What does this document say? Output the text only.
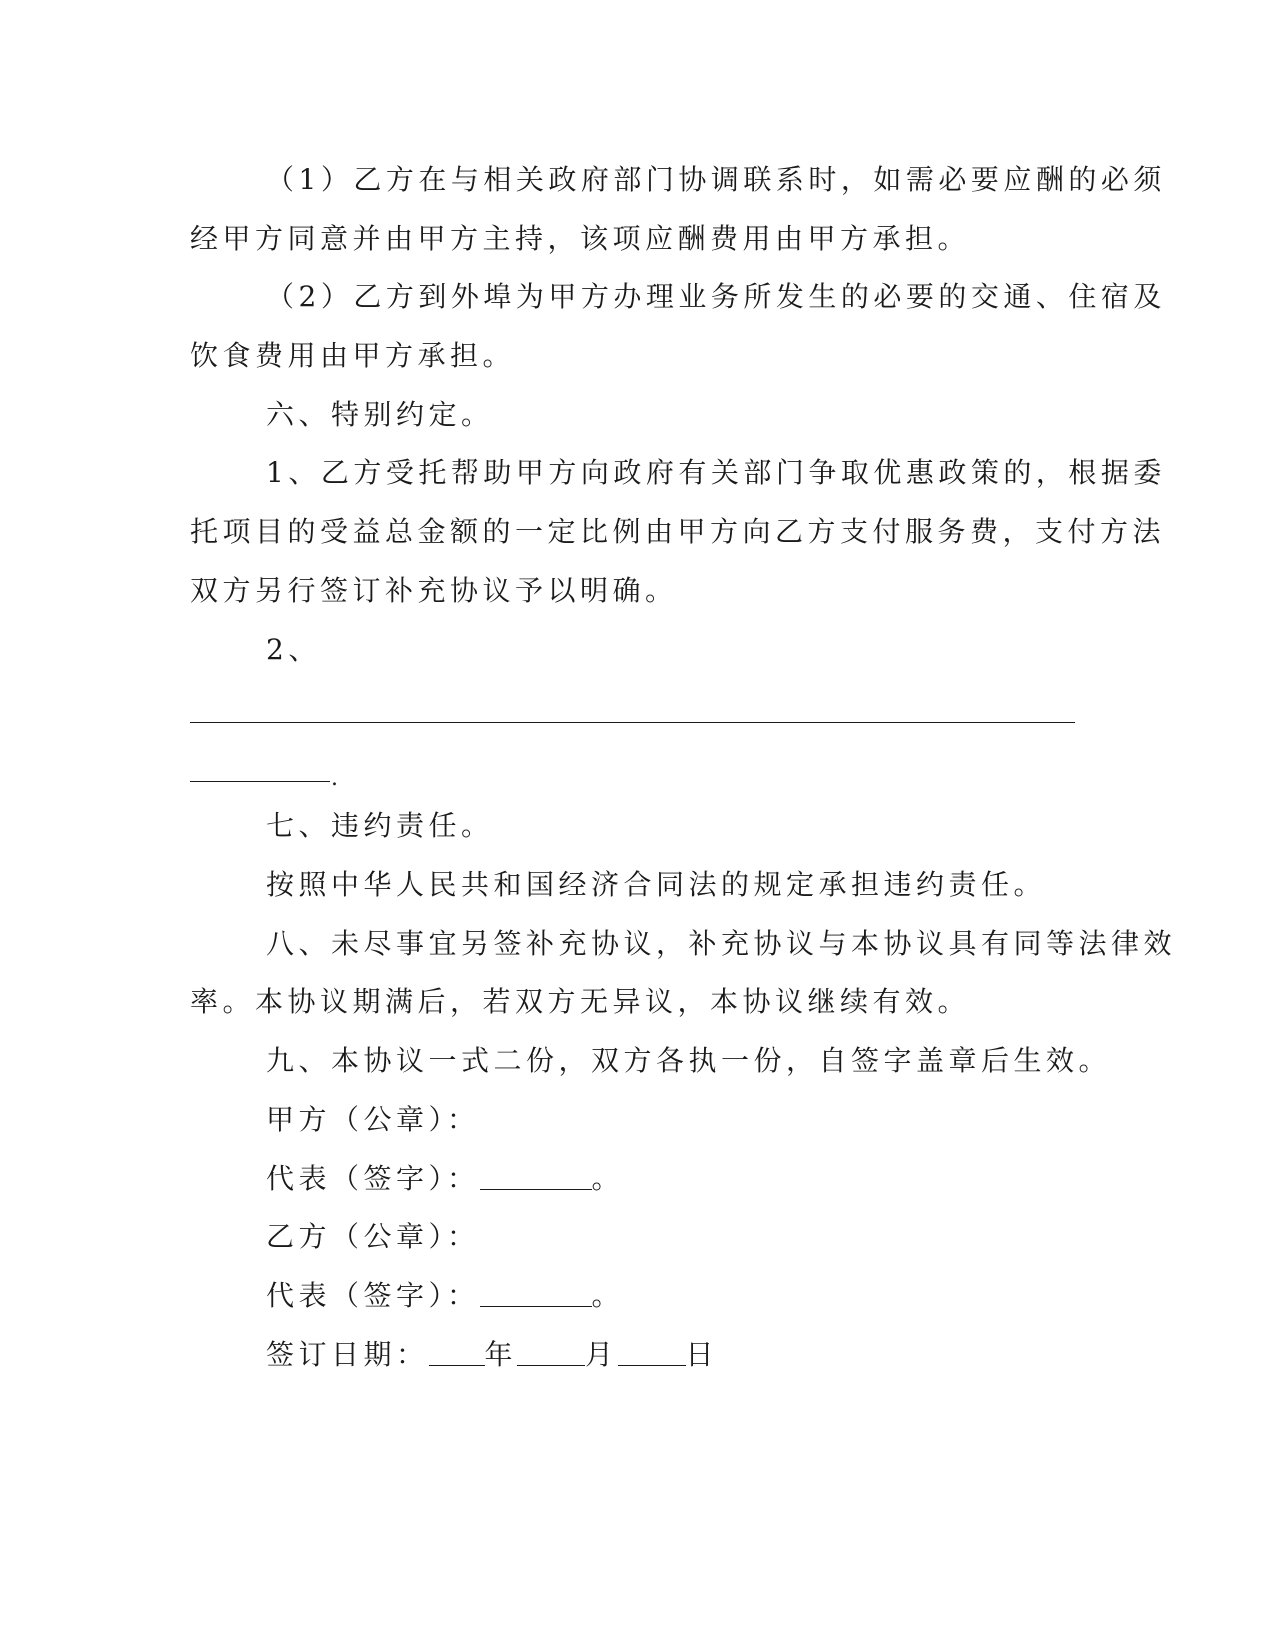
（1）乙方在与相关政府部门协调联系时，如需必要应酬的必须
经甲方同意并由甲方主持，该项应酬费用由甲方承担。
（2）乙方到外埠为甲方办理业务所发生的必要的交通、住宿及
饮食费用由甲方承担。
六、特别约定。
1、乙方受托帮助甲方向政府有关部门争取优惠政策的，根据委
托项目的受益总金额的一定比例由甲方向乙方支付服务费，支付方法
双方另行签订补充协议予以明确。
2、
.
七、违约责任。
按照中华人民共和国经济合同法的规定承担违约责任。
八、未尽事宜另签补充协议，补充协议与本协议具有同等法律效
率。本协议期满后，若双方无异议，本协议继续有效。
九、本协议一式二份，双方各执一份，自签字盖章后生效。
甲方（公章）：
代表（签字）：	。
乙方（公章）：
代表（签字）：	。
签订日期： 年 月 日
